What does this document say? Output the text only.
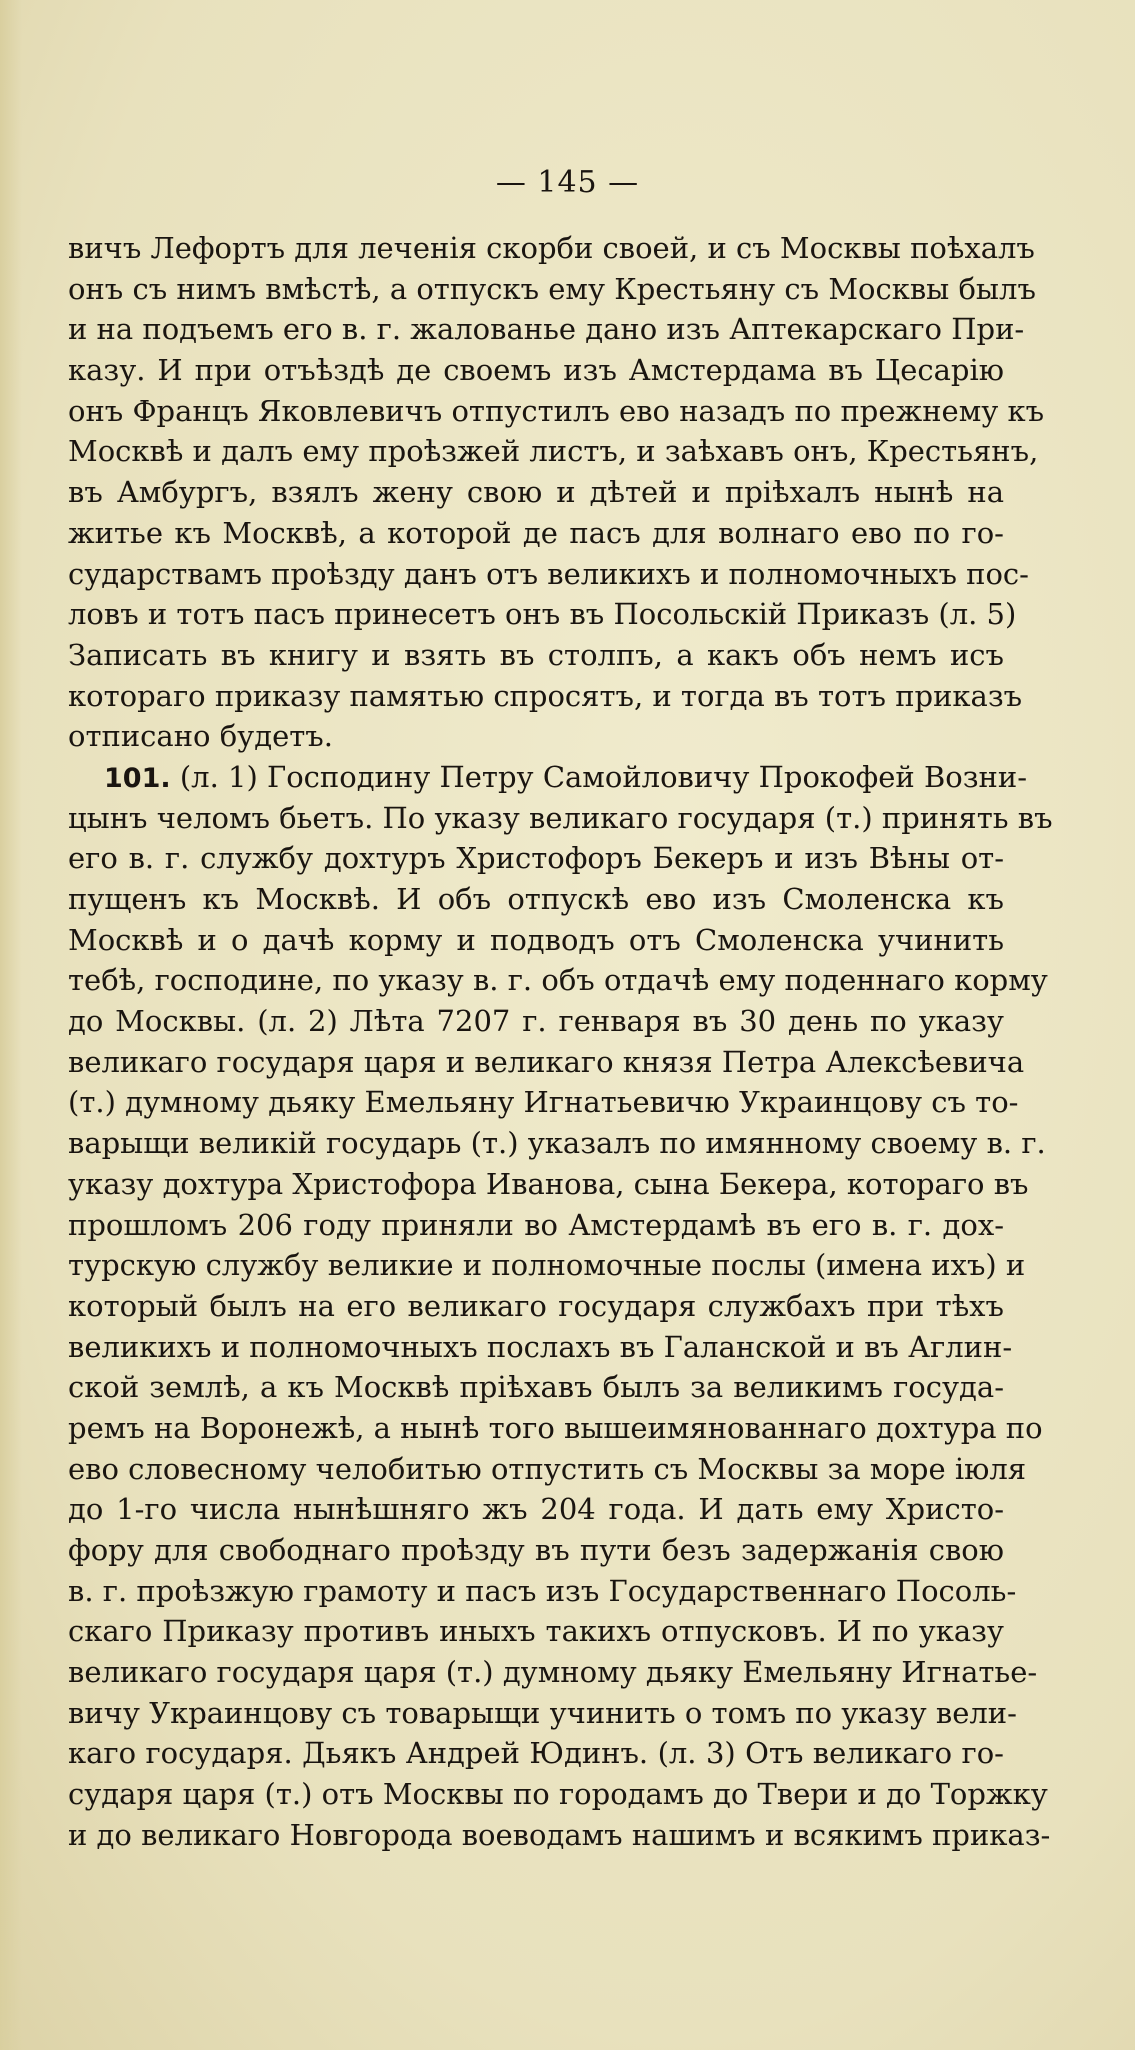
— 145 —
вичъ Лефортъ для леченія скорби своей, и съ Москвы поѣхалъ
онъ съ нимъ вмѣстѣ, а отпускъ ему Крестьяну съ Москвы былъ
и на подъемъ его в. г. жалованье дано изъ Аптекарскаго При-
казу. И при отъѣздѣ де своемъ изъ Амстердама въ Цесарію
онъ Францъ Яковлевичъ отпустилъ ево назадъ по прежнему къ
Москвѣ и далъ ему проѣзжей листъ, и заѣхавъ онъ, Крестьянъ,
въ Амбургъ, взялъ жену свою и дѣтей и пріѣхалъ нынѣ на
житье къ Москвѣ, а которой де пасъ для волнаго ево по го-
сударствамъ проѣзду данъ отъ великихъ и полномочныхъ пос-
ловъ и тотъ пасъ принесетъ онъ въ Посольскій Приказъ (л. 5)
Записать въ книгу и взять въ столпъ, а какъ объ немъ исъ
котораго приказу памятью спросятъ, и тогда въ тотъ приказъ
отписано будетъ.
101. (л. 1) Господину Петру Самойловичу Прокофей Возни-
цынъ челомъ бьетъ. По указу великаго государя (т.) принять въ
его в. г. службу дохтуръ Христофоръ Бекеръ и изъ Вѣны от-
пущенъ къ Москвѣ. И объ отпускѣ ево изъ Смоленска къ
Москвѣ и о дачѣ корму и подводъ отъ Смоленска учинить
тебѣ, господине, по указу в. г. объ отдачѣ ему поденнаго корму
до Москвы. (л. 2) Лѣта 7207 г. генваря въ 30 день по указу
великаго государя царя и великаго князя Петра Алексѣевича
(т.) думному дьяку Емельяну Игнатьевичю Украинцову съ то-
варыщи великій государь (т.) указалъ по имянному своему в. г.
указу дохтура Христофора Иванова, сына Бекера, котораго въ
прошломъ 206 году приняли во Амстердамѣ въ его в. г. дох-
турскую службу великие и полномочные послы (имена ихъ) и
который былъ на его великаго государя службахъ при тѣхъ
великихъ и полномочныхъ послахъ въ Галанской и въ Аглин-
ской землѣ, а къ Москвѣ пріѣхавъ былъ за великимъ госуда-
ремъ на Воронежѣ, а нынѣ того вышеимянованнаго дохтура по
ево словесному челобитью отпустить съ Москвы за море іюля
до 1-го числа нынѣшняго жъ 204 года. И дать ему Христо-
фору для свободнаго проѣзду въ пути безъ задержанія свою
в. г. проѣзжую грамоту и пасъ изъ Государственнаго Посоль-
скаго Приказу противъ иныхъ такихъ отпусковъ. И по указу
великаго государя царя (т.) думному дьяку Емельяну Игнатье-
вичу Украинцову съ товарыщи учинить о томъ по указу вели-
каго государя. Дьякъ Андрей Юдинъ. (л. 3) Отъ великаго го-
сударя царя (т.) отъ Москвы по городамъ до Твери и до Торжку
и до великаго Новгорода воеводамъ нашимъ и всякимъ приказ-
